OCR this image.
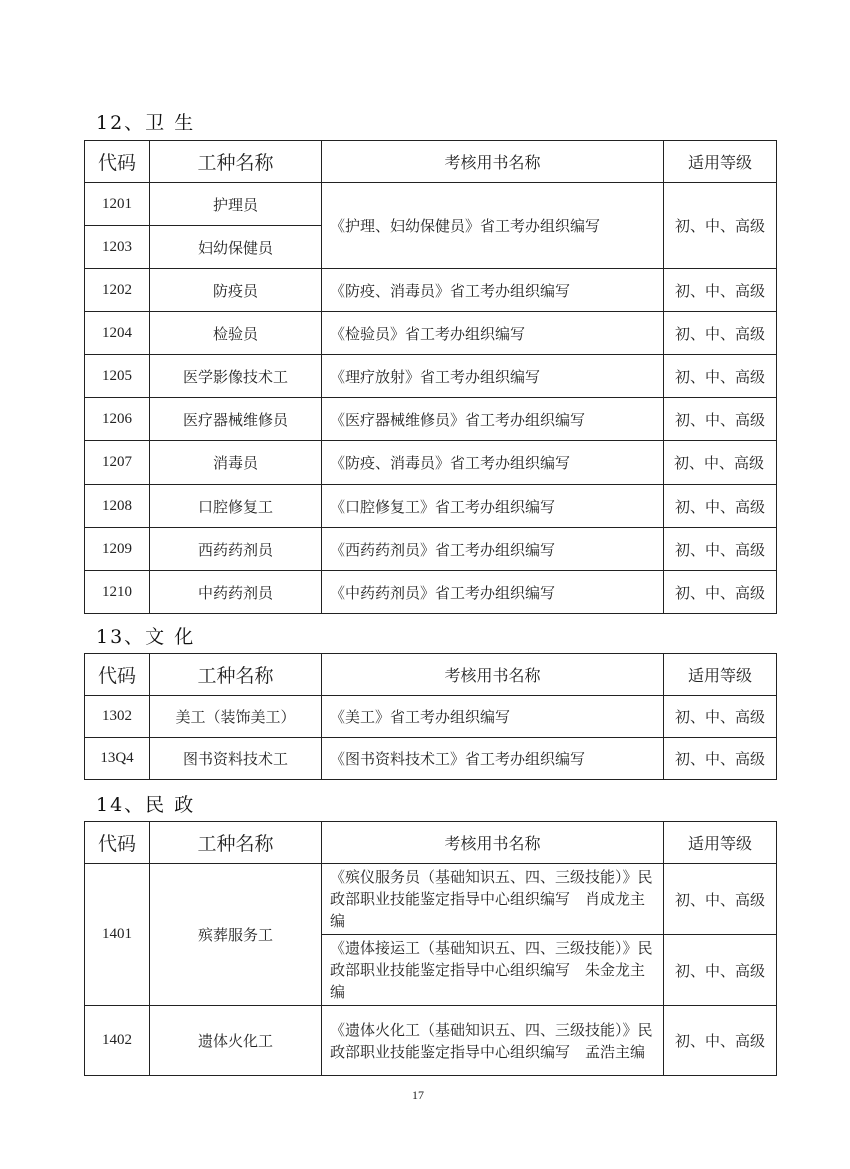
12、卫 生
代码	工种名称	考核用书名称	适用等级
1201	护理员	《护理、妇幼保健员》省工考办组织编写	初、中、高级
1203	妇幼保健员		
1202	防疫员	《防疫、消毒员》省工考办组织编写	初、中、高级
1204	检验员	《检验员》省工考办组织编写	初、中、高级
1205	医学影像技术工	《理疗放射》省工考办组织编写	初、中、高级
1206	医疗器械维修员	《医疗器械维修员》省工考办组织编写	初、中、高级
1207	消毒员	《防疫、消毒员》省工考办组织编写	初、中、高级
1208	口腔修复工	《口腔修复工》省工考办组织编写	初、中、高级
1209	西药药剂员	《西药药剂员》省工考办组织编写	初、中、高级
1210	中药药剂员	《中药药剂员》省工考办组织编写	初、中、高级
13、文 化
代码	工种名称	考核用书名称	适用等级
1302	美工（装饰美工）	《美工》省工考办组织编写	初、中、高级
13Q4	图书资料技术工	《图书资料技术工》省工考办组织编写	初、中、高级
14、民 政
代码	工种名称	考核用书名称	适用等级
1401	殡葬服务工	《殡仪服务员（基础知识五、四、三级技能）》民政部职业技能鉴定指导中心组织编写　肖成龙主编	初、中、高级
		《遗体接运工（基础知识五、四、三级技能）》民政部职业技能鉴定指导中心组织编写　朱金龙主编	初、中、高级
1402	遗体火化工	《遗体火化工（基础知识五、四、三级技能）》民政部职业技能鉴定指导中心组织编写　孟浩主编	初、中、高级
17
